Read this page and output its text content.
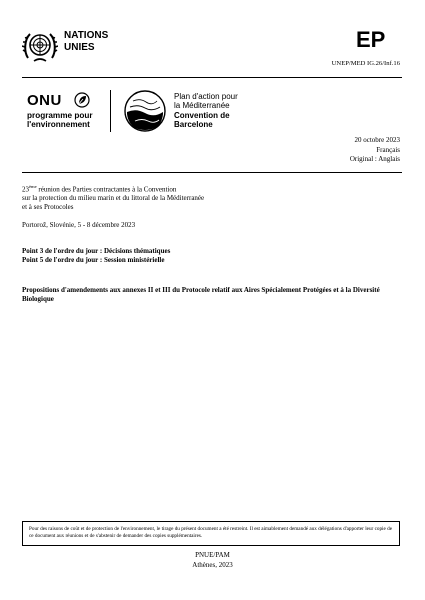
NATIONS
UNIES	EP
UNEP/MED IG.26/Inf.16
ONU
programme pour
l'environnement
Plan d'action pour
la Méditerranée
Convention de
Barcelone
20 octobre 2023
Français
Original : Anglais
23ème réunion des Parties contractantes à la Convention
sur la protection du milieu marin et du littoral de la Méditerranée
et à ses Protocoles
Portorož, Slovénie, 5 - 8 décembre 2023
Point 3 de l'ordre du jour : Décisions thématiques
Point 5 de l'ordre du jour : Session ministérielle
Propositions d'amendements aux annexes II et III du Protocole relatif aux Aires Spécialement Protégées et à la Diversité Biologique
Pour des raisons de coût et de protection de l'environnement, le tirage du présent document a été restreint. Il est aimablement demandé aux délégations d'apporter leur copie de ce document aux réunions et de s'abstenir de demander des copies supplémentaires.
PNUE/PAM
Athènes, 2023
